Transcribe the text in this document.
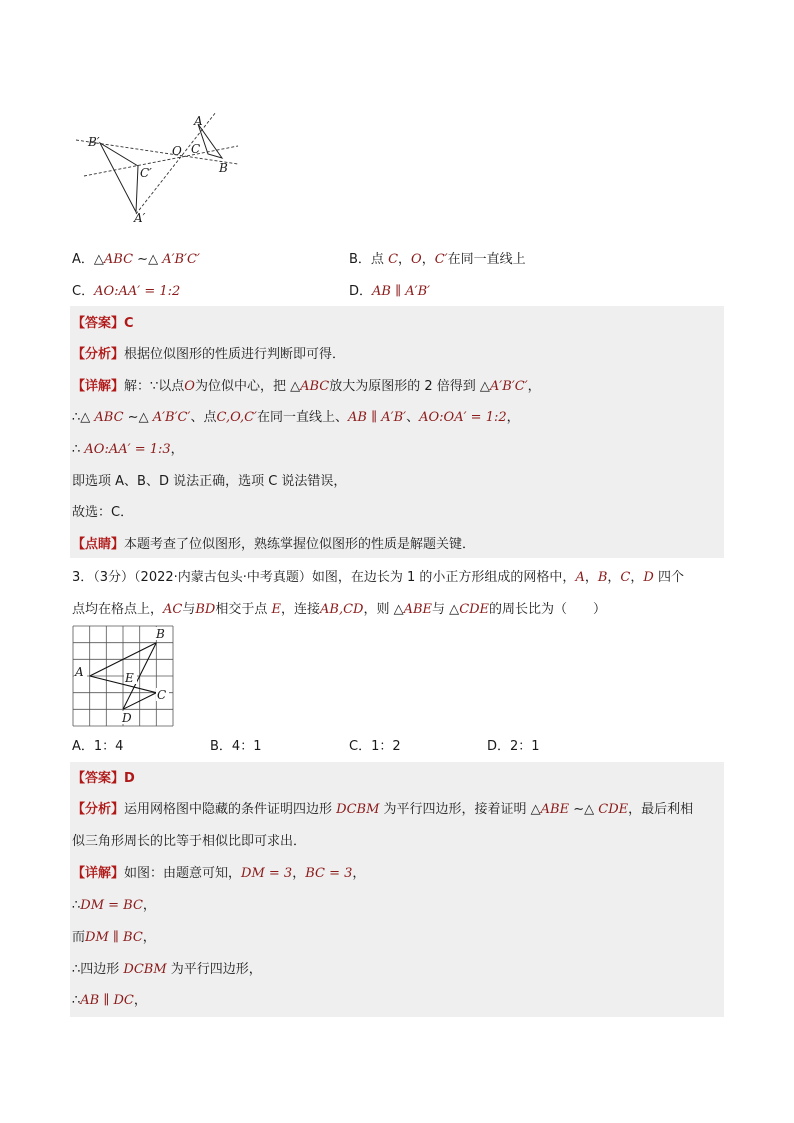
B′
A
O C
C′	B
A′
A．△ABC ∼△ A′B′C′	B．点 C，O，C′在同一直线上
C．AO:AA′ = 1:2	D．AB ∥ A′B′
【答案】C
【分析】根据位似图形的性质进行判断即可得．
【详解】解：∵以点O为位似中心，把 △ABC放大为原图形的 2 倍得到 △A′B′C′，
∴△ ABC ∼△ A′B′C′、点C,O,C′在同一直线上、AB ∥ A′B′、AO:OA′ = 1:2，
∴ AO:AA′ = 1:3，
即选项 A、B、D 说法正确，选项 C 说法错误，
故选：C．
【点睛】本题考查了位似图形，熟练掌握位似图形的性质是解题关键．
3．（3分）（2022·内蒙古包头·中考真题）如图，在边长为 1 的小正方形组成的网格中，A，B，C，D 四个
点均在格点上，AC与BD相交于点 E，连接AB,CD，则 △ABE与 △CDE的周长比为（　　）
A
B
E
C
D
A．1：4	B．4：1	C．1：2	D．2：1
【答案】D
【分析】运用网格图中隐藏的条件证明四边形 DCBM 为平行四边形，接着证明 △ABE ∼△ CDE，最后利相
似三角形周长的比等于相似比即可求出．
【详解】如图：由题意可知，DM = 3，BC = 3，
∴DM = BC，
而DM ∥ BC，
∴四边形 DCBM 为平行四边形，
∴AB ∥ DC，
